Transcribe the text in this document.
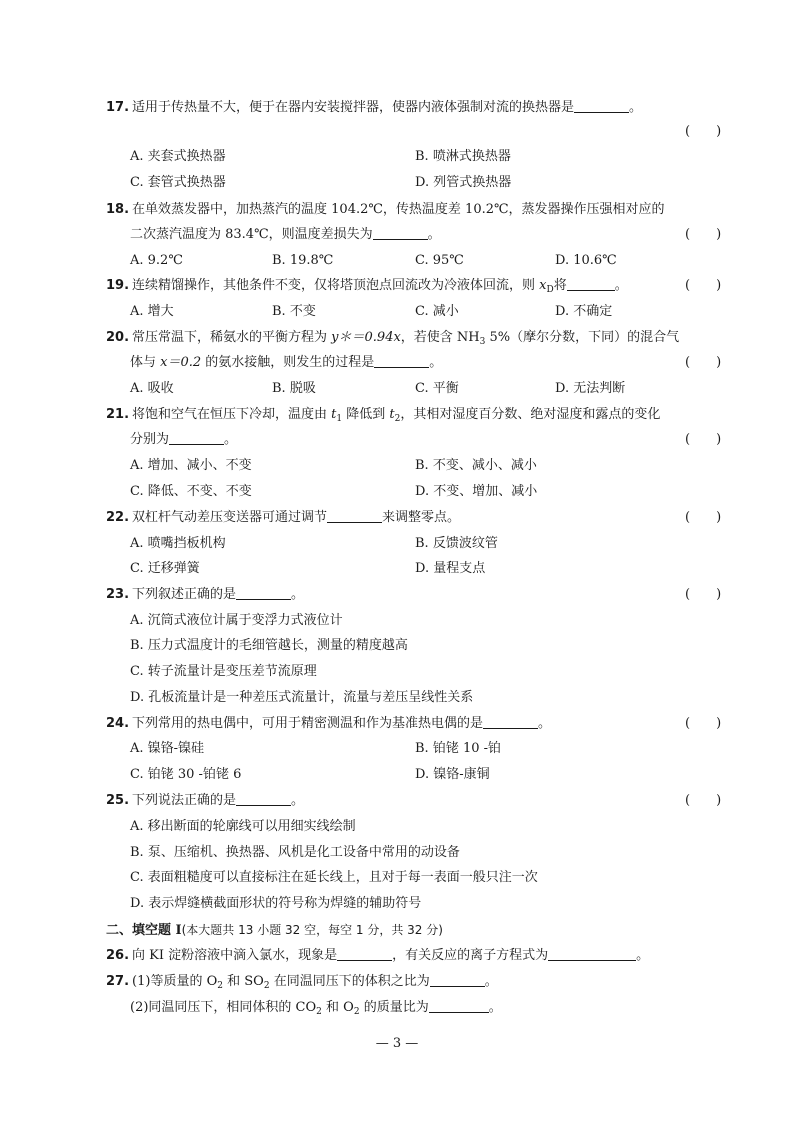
17. 适用于传热量不大，便于在器内安装搅拌器，使器内液体强制对流的换热器是	。
(　　)
A. 夹套式换热器	B. 喷淋式换热器
C. 套管式换热器	D. 列管式换热器
18. 在单效蒸发器中，加热蒸汽的温度 104.2℃，传热温度差 10.2℃，蒸发器操作压强相对应的
二次蒸汽温度为 83.4℃，则温度差损失为	。	(　　)
A. 9.2℃	B. 19.8℃	C. 95℃	D. 10.6℃
19. 连续精馏操作，其他条件不变，仅将塔顶泡点回流改为冷液体回流，则 $x_D$将	。	(　　)
A. 增大	B. 不变	C. 减小	D. 不确定
20. 常压常温下，稀氨水的平衡方程为 y＊＝0.94x，若使含 $NH_3$ 5%（摩尔分数，下同）的混合气
体与 x＝0.2 的氨水接触，则发生的过程是	。	(　　)
A. 吸收	B. 脱吸	C. 平衡	D. 无法判断
21. 将饱和空气在恒压下冷却，温度由 $t_1$ 降低到 $t_2$，其相对湿度百分数、绝对湿度和露点的变化
分别为	。	(　　)
A. 增加、减小、不变	B. 不变、减小、减小
C. 降低、不变、不变	D. 不变、增加、减小
22. 双杠杆气动差压变送器可通过调节	来调整零点。	(　　)
A. 喷嘴挡板机构	B. 反馈波纹管
C. 迁移弹簧	D. 量程支点
23. 下列叙述正确的是	。	(　　)
A. 沉筒式液位计属于变浮力式液位计
B. 压力式温度计的毛细管越长，测量的精度越高
C. 转子流量计是变压差节流原理
D. 孔板流量计是一种差压式流量计，流量与差压呈线性关系
24. 下列常用的热电偶中，可用于精密测温和作为基准热电偶的是	。	(　　)
A. 镍铬-镍硅	B. 铂铑 10 -铂
C. 铂铑 30 -铂铑 6	D. 镍铬-康铜
25. 下列说法正确的是	。	(　　)
A. 移出断面的轮廓线可以用细实线绘制
B. 泵、压缩机、换热器、风机是化工设备中常用的动设备
C. 表面粗糙度可以直接标注在延长线上，且对于每一表面一般只注一次
D. 表示焊缝横截面形状的符号称为焊缝的辅助符号
二、填空题 Ⅰ(本大题共 13 小题 32 空，每空 1 分，共 32 分)
26. 向 KI 淀粉溶液中滴入氯水，现象是	，有关反应的离子方程式为	。
27. (1)等质量的 $O_2$ 和 $SO_2$ 在同温同压下的体积之比为	。
(2)同温同压下，相同体积的 $CO_2$ 和 $O_2$ 的质量比为	。
— 3 —
